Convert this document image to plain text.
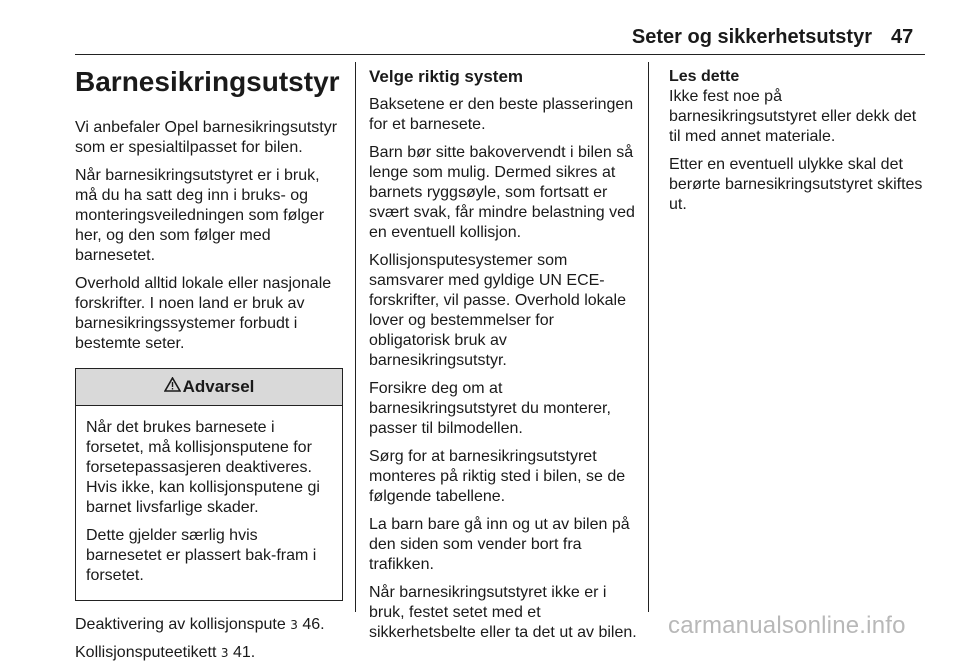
Seter og sikkerhetsutstyr 47
Barnesikringsutstyr

Vi anbefaler Opel barnesikringsutstyr som er spesialtilpasset for bilen.

Når barnesikringsutstyret er i bruk, må du ha satt deg inn i bruks- og monteringsveiledningen som følger her, og den som følger med barnesetet.

Overhold alltid lokale eller nasjonale forskrifter. I noen land er bruk av barnesikringssystemer forbudt i bestemte seter.

Advarsel

Når det brukes barnesete i forsetet, må kollisjonsputene for forsetepassasjeren deaktiveres. Hvis ikke, kan kollisjonsputene gi barnet livsfarlige skader.

Dette gjelder særlig hvis barnesetet er plassert bak-fram i forsetet.

Deaktivering av kollisjonspute 3 46.

Kollisjonsputeetikett 3 41.

Velge riktig system

Baksetene er den beste plasseringen for et barnesete.

Barn bør sitte bakovervendt i bilen så lenge som mulig. Dermed sikres at barnets ryggsøyle, som fortsatt er svært svak, får mindre belastning ved en eventuell kollisjon.

Kollisjonsputesystemer som samsvarer med gyldige UN ECE-forskrifter, vil passe. Overhold lokale lover og bestemmelser for obligatorisk bruk av barnesikringsutstyr.

Forsikre deg om at barnesikringsutstyret du monterer, passer til bilmodellen.

Sørg for at barnesikringsutstyret monteres på riktig sted i bilen, se de følgende tabellene.

La barn bare gå inn og ut av bilen på den siden som vender bort fra trafikken.

Når barnesikringsutstyret ikke er i bruk, festet setet med et sikkerhetsbelte eller ta det ut av bilen.

Les dette

Ikke fest noe på barnesikringsutstyret eller dekk det til med annet materiale.

Etter en eventuell ulykke skal det berørte barnesikringsutstyret skiftes ut.

carmanualsonline.info
